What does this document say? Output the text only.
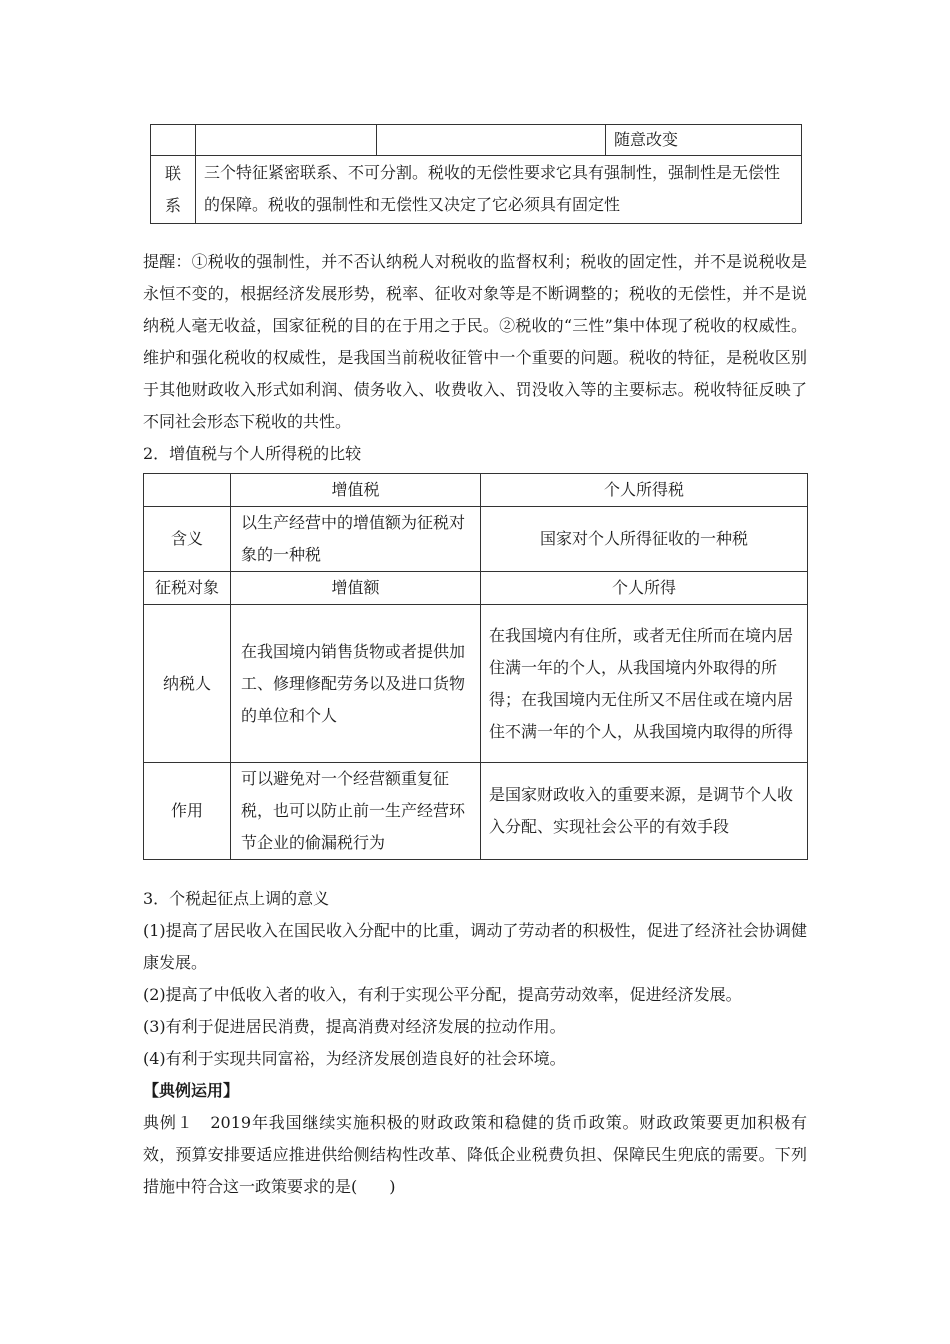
			随意改变
联
系	三个特征紧密联系、不可分割。税收的无偿性要求它具有强制性，强制性是无偿性的保障。税收的强制性和无偿性又决定了它必须具有固定性		
提醒：①税收的强制性，并不否认纳税人对税收的监督权利；税收的固定性，并不是说税收是永恒不变的，根据经济发展形势，税率、征收对象等是不断调整的；税收的无偿性，并不是说纳税人毫无收益，国家征税的目的在于用之于民。②税收的“三性”集中体现了税收的权威性。维护和强化税收的权威性，是我国当前税收征管中一个重要的问题。税收的特征，是税收区别于其他财政收入形式如利润、债务收入、收费收入、罚没收入等的主要标志。税收特征反映了不同社会形态下税收的共性。
2．增值税与个人所得税的比较
	增值税	个人所得税
含义	以生产经营中的增值额为征税对象的一种税	国家对个人所得征收的一种税
征税对象	增值额	个人所得
纳税人	在我国境内销售货物或者提供加工、修理修配劳务以及进口货物的单位和个人	在我国境内有住所，或者无住所而在境内居住满一年的个人，从我国境内外取得的所得；在我国境内无住所又不居住或在境内居住不满一年的个人，从我国境内取得的所得
作用	可以避免对一个经营额重复征税，也可以防止前一生产经营环节企业的偷漏税行为	是国家财政收入的重要来源，是调节个人收入分配、实现社会公平的有效手段
3．个税起征点上调的意义
(1)提高了居民收入在国民收入分配中的比重，调动了劳动者的积极性，促进了经济社会协调健康发展。
(2)提高了中低收入者的收入，有利于实现公平分配，提高劳动效率，促进经济发展。
(3)有利于促进居民消费，提高消费对经济发展的拉动作用。
(4)有利于实现共同富裕，为经济发展创造良好的社会环境。
【典例运用】
典例１　2019年我国继续实施积极的财政政策和稳健的货币政策。财政政策要更加积极有效，预算安排要适应推进供给侧结构性改革、降低企业税费负担、保障民生兜底的需要。下列措施中符合这一政策要求的是(　　)
